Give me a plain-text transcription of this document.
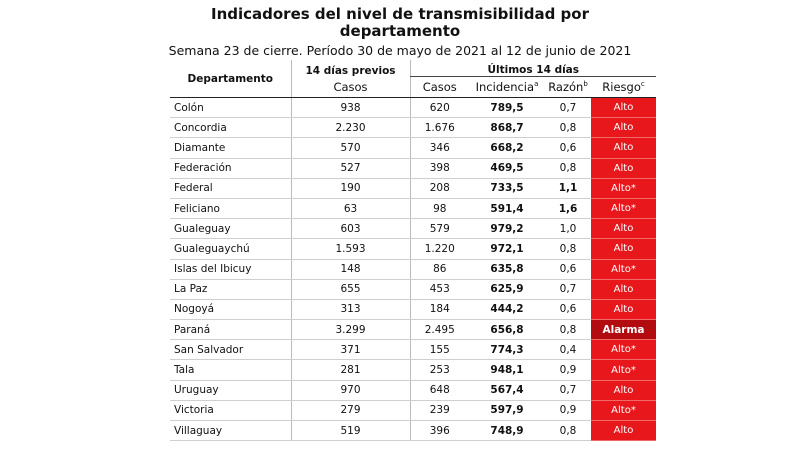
Indicadores del nivel de transmisibilidad por
departamento
Semana 23 de cierre. Período 30 de mayo de 2021 al 12 de junio de 2021
Departamento	14 días previos	Últimos 14 días			
	Casos	Casos	Incidencia$^a$	Razón$^b$	Riesgo$^c$
Colón	938	620	789,5	0,7	Alto
Concordia	2.230	1.676	868,7	0,8	Alto
Diamante	570	346	668,2	0,6	Alto
Federación	527	398	469,5	0,8	Alto
Federal	190	208	733,5	1,1	Alto*
Feliciano	63	98	591,4	1,6	Alto*
Gualeguay	603	579	979,2	1,0	Alto
Gualeguaychú	1.593	1.220	972,1	0,8	Alto
Islas del Ibicuy	148	86	635,8	0,6	Alto*
La Paz	655	453	625,9	0,7	Alto
Nogoyá	313	184	444,2	0,6	Alto
Paraná	3.299	2.495	656,8	0,8	Alarma
San Salvador	371	155	774,3	0,4	Alto*
Tala	281	253	948,1	0,9	Alto*
Uruguay	970	648	567,4	0,7	Alto
Victoria	279	239	597,9	0,9	Alto*
Villaguay	519	396	748,9	0,8	Alto
